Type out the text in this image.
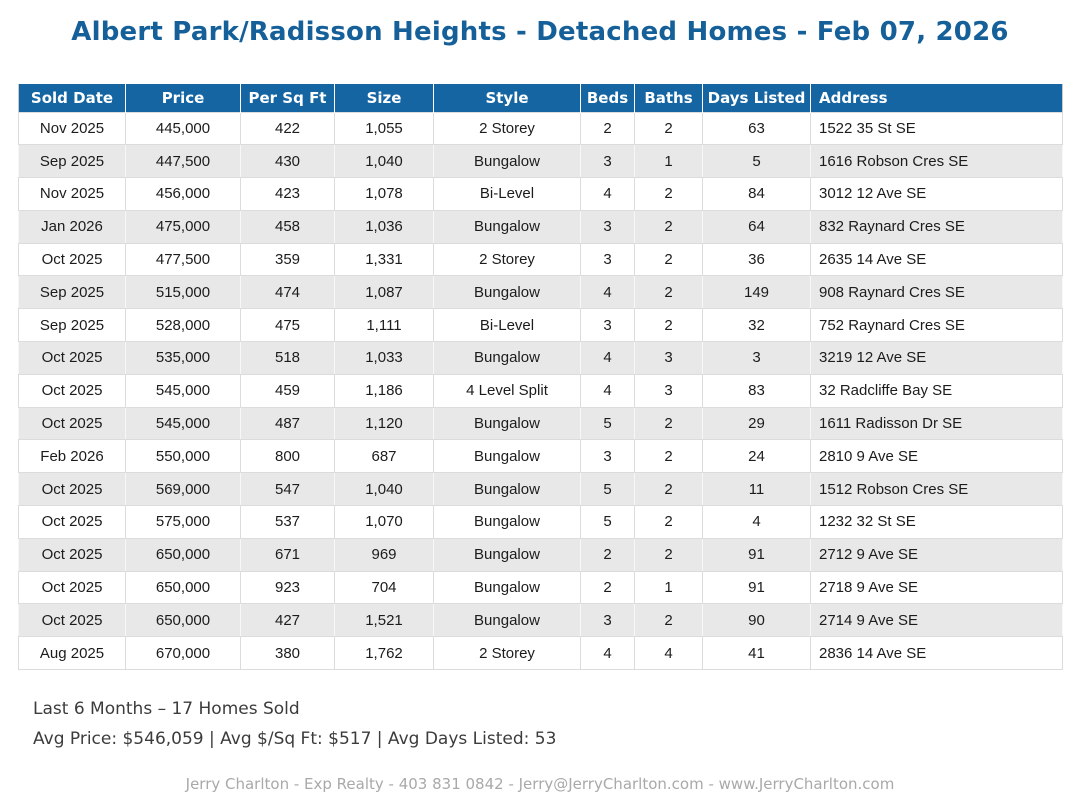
Albert Park/Radisson Heights - Detached Homes - Feb 07, 2026
Sold Date	Price	Per Sq Ft	Size	Style	Beds	Baths	Days Listed	Address
Nov 2025	445,000	422	1,055	2 Storey	2	2	63	1522 35 St SE
Sep 2025	447,500	430	1,040	Bungalow	3	1	5	1616 Robson Cres SE
Nov 2025	456,000	423	1,078	Bi-Level	4	2	84	3012 12 Ave SE
Jan 2026	475,000	458	1,036	Bungalow	3	2	64	832 Raynard Cres SE
Oct 2025	477,500	359	1,331	2 Storey	3	2	36	2635 14 Ave SE
Sep 2025	515,000	474	1,087	Bungalow	4	2	149	908 Raynard Cres SE
Sep 2025	528,000	475	1,111	Bi-Level	3	2	32	752 Raynard Cres SE
Oct 2025	535,000	518	1,033	Bungalow	4	3	3	3219 12 Ave SE
Oct 2025	545,000	459	1,186	4 Level Split	4	3	83	32 Radcliffe Bay SE
Oct 2025	545,000	487	1,120	Bungalow	5	2	29	1611 Radisson Dr SE
Feb 2026	550,000	800	687	Bungalow	3	2	24	2810 9 Ave SE
Oct 2025	569,000	547	1,040	Bungalow	5	2	11	1512 Robson Cres SE
Oct 2025	575,000	537	1,070	Bungalow	5	2	4	1232 32 St SE
Oct 2025	650,000	671	969	Bungalow	2	2	91	2712 9 Ave SE
Oct 2025	650,000	923	704	Bungalow	2	1	91	2718 9 Ave SE
Oct 2025	650,000	427	1,521	Bungalow	3	2	90	2714 9 Ave SE
Aug 2025	670,000	380	1,762	2 Storey	4	4	41	2836 14 Ave SE
Last 6 Months – 17 Homes Sold
Avg Price: $546,059 | Avg $/Sq Ft: $517 | Avg Days Listed: 53
Jerry Charlton - Exp Realty - 403 831 0842 - Jerry@JerryCharlton.com - www.JerryCharlton.com
